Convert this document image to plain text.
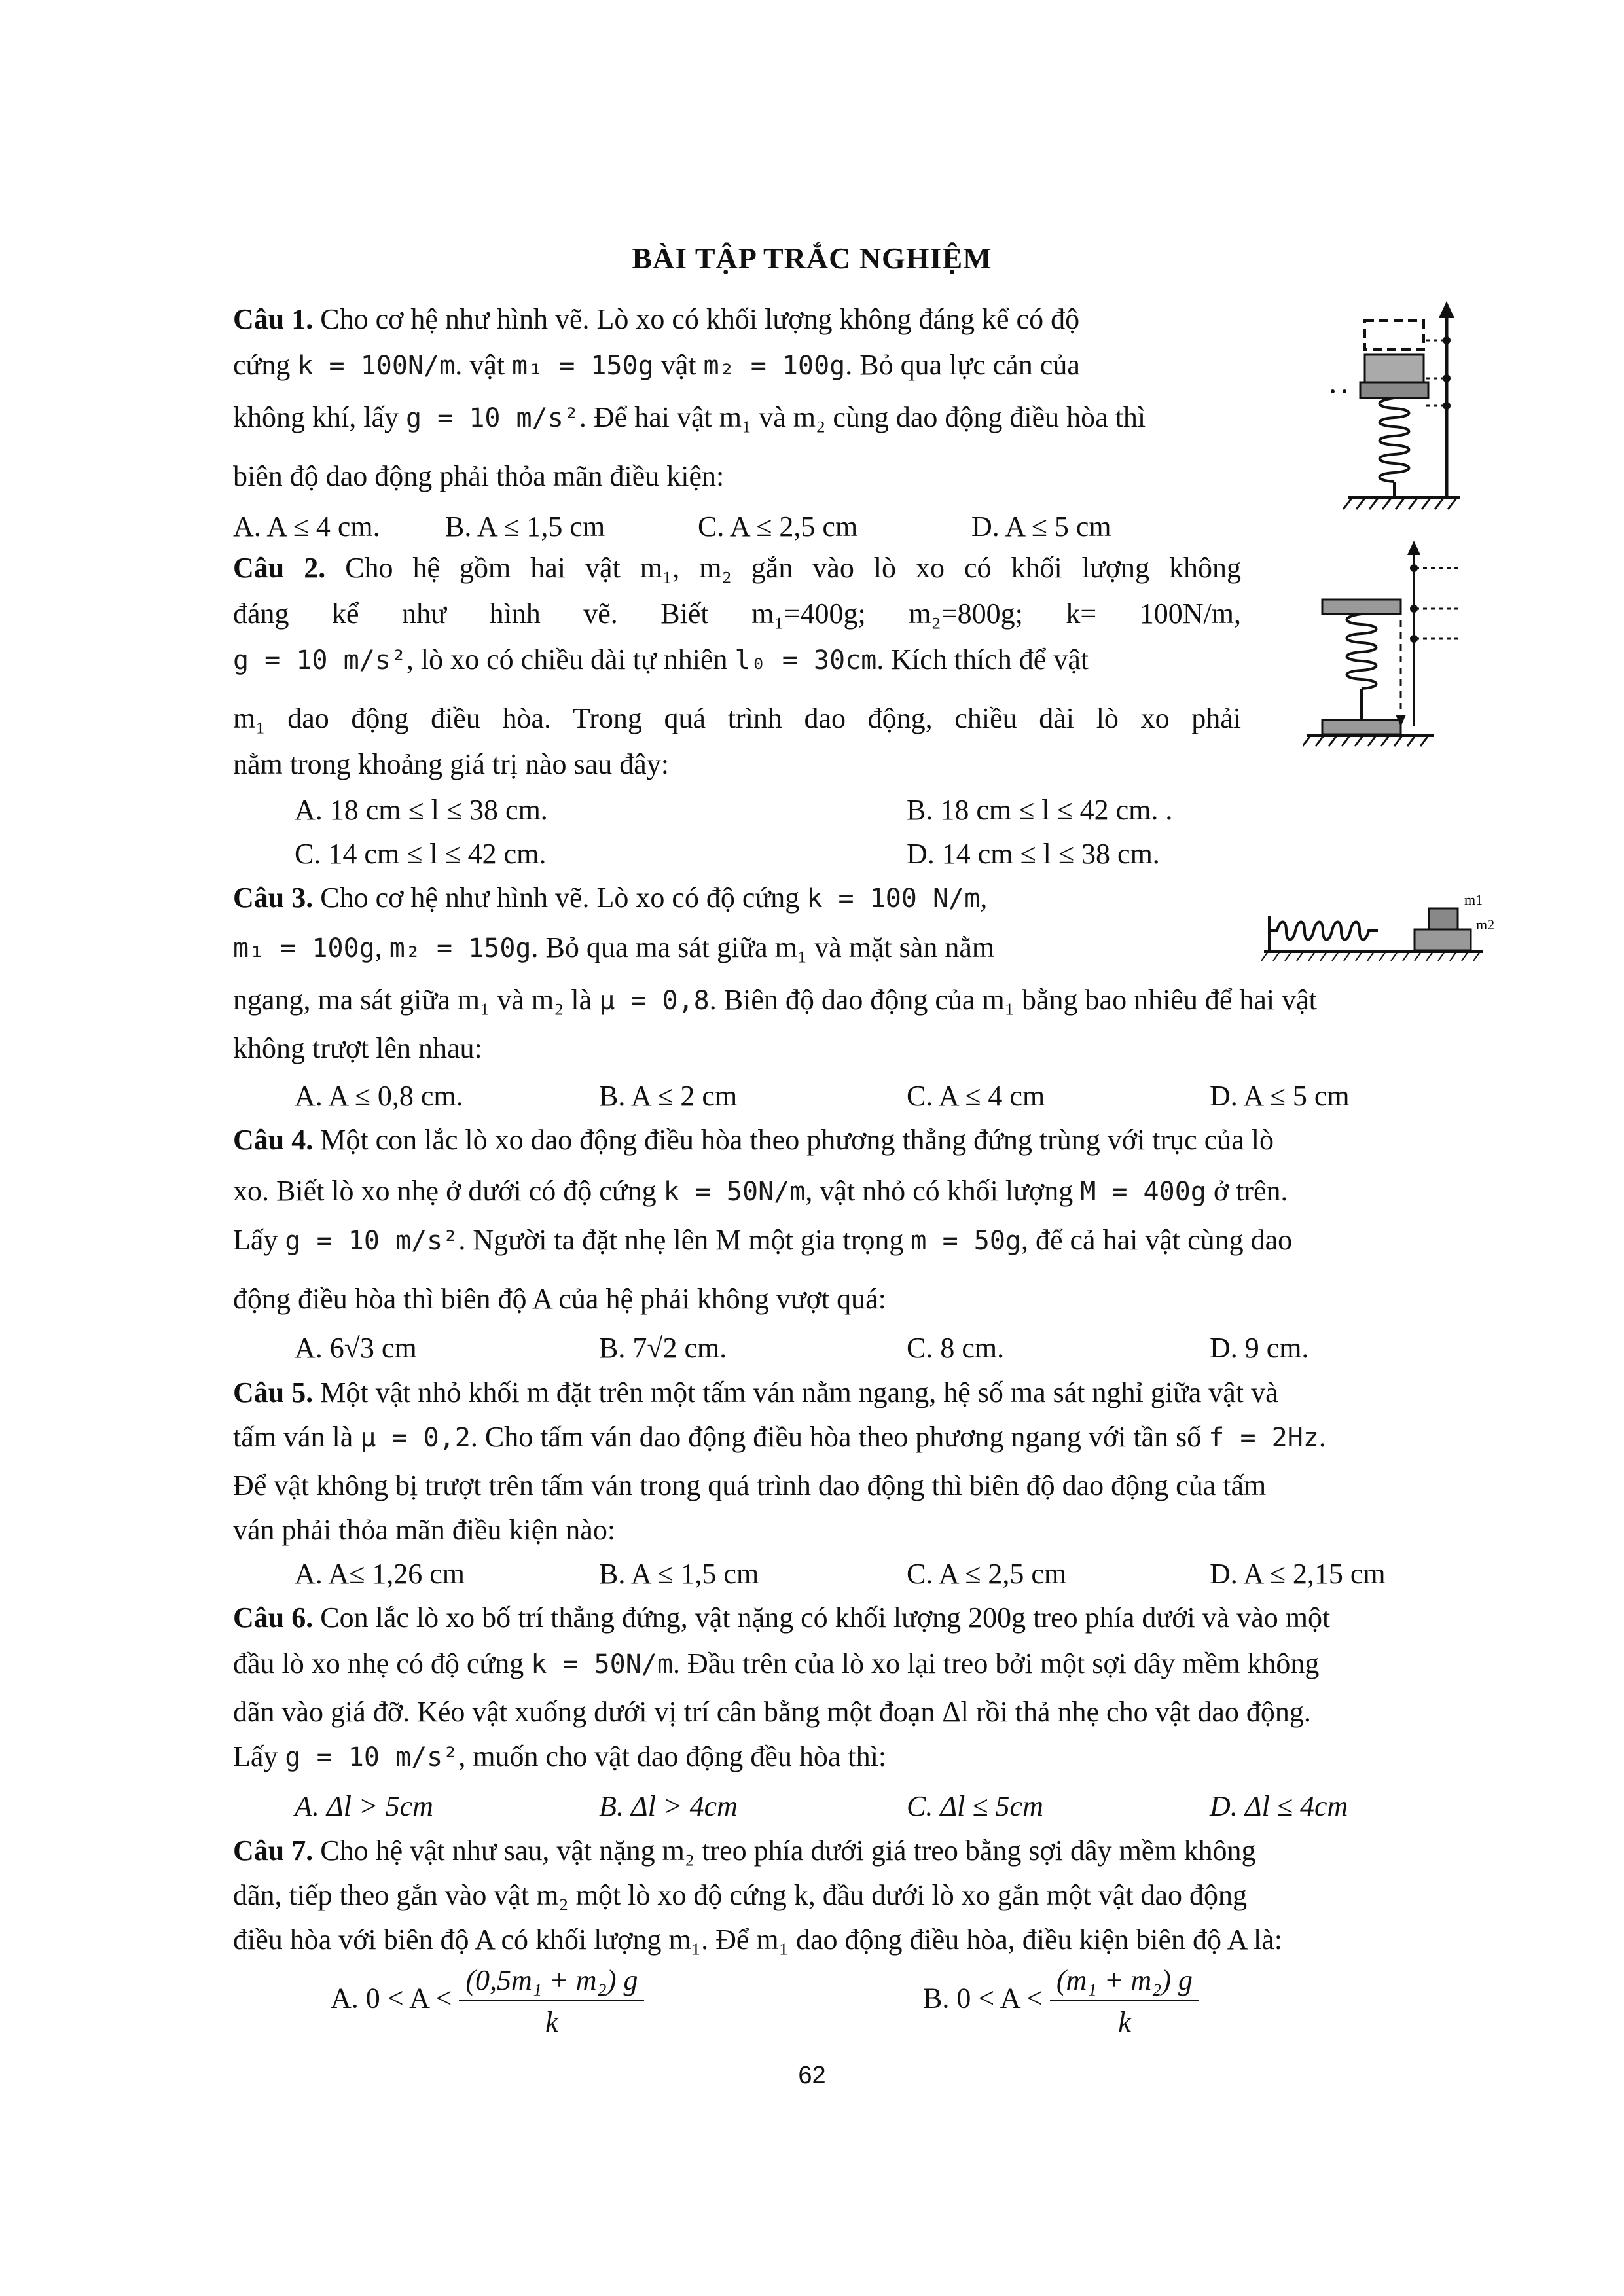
BÀI TẬP TRẮC NGHIỆM
Câu 1. Cho cơ hệ như hình vẽ. Lò xo có khối lượng không đáng kể có độ
cứng k = 100N/m. vật m₁ = 150g vật m₂ = 100g. Bỏ qua lực cản của
không khí, lấy g = 10 m/s². Để hai vật m₁ và m₂ cùng dao động điều hòa thì
biên độ dao động phải thỏa mãn điều kiện:
A. A ≤ 4 cm. B. A ≤ 1,5 cm	C. A ≤ 2,5 cm	D. A ≤ 5 cm
Câu 2. Cho hệ gồm hai vật m₁, m₂ gắn vào lò xo có khối lượng không
đáng kể như hình vẽ. Biết m₁=400g; m₂=800g; k= 100N/m,
g = 10 m/s², lò xo có chiều dài tự nhiên l₀ = 30cm. Kích thích để vật
m₁ dao động điều hòa. Trong quá trình dao động, chiều dài lò xo phải
nằm trong khoảng giá trị nào sau đây:
A. 18 cm ≤ l ≤ 38 cm.	B. 18 cm ≤ l ≤ 42 cm. .
C. 14 cm ≤ l ≤ 42 cm.	D. 14 cm ≤ l ≤ 38 cm.
Câu 3. Cho cơ hệ như hình vẽ. Lò xo có độ cứng k = 100 N/m,
m₁ = 100g, m₂ = 150g. Bỏ qua ma sát giữa m₁ và mặt sàn nằm
ngang, ma sát giữa m₁ và m₂ là μ = 0,8. Biên độ dao động của m₁ bằng bao nhiêu để hai vật
không trượt lên nhau:
A. A ≤ 0,8 cm.	B. A ≤ 2 cm	C. A ≤ 4 cm	D. A ≤ 5 cm
m1
m2
Câu 4. Một con lắc lò xo dao động điều hòa theo phương thẳng đứng trùng với trục của lò
xo. Biết lò xo nhẹ ở dưới có độ cứng k = 50N/m, vật nhỏ có khối lượng M = 400g ở trên.
Lấy g = 10 m/s². Người ta đặt nhẹ lên M một gia trọng m = 50g, để cả hai vật cùng dao
động điều hòa thì biên độ A của hệ phải không vượt quá:
A. 6√3 cm	B. 7√2 cm.	C. 8 cm.	D. 9 cm.
Câu 5. Một vật nhỏ khối m đặt trên một tấm ván nằm ngang, hệ số ma sát nghỉ giữa vật và
tấm ván là μ = 0,2. Cho tấm ván dao động điều hòa theo phương ngang với tần số f = 2Hz.
Để vật không bị trượt trên tấm ván trong quá trình dao động thì biên độ dao động của tấm
ván phải thỏa mãn điều kiện nào:
A. A≤ 1,26 cm	B. A ≤ 1,5 cm	C. A ≤ 2,5 cm	D. A ≤ 2,15 cm
Câu 6. Con lắc lò xo bố trí thẳng đứng, vật nặng có khối lượng 200g treo phía dưới và vào một
đầu lò xo nhẹ có độ cứng k = 50N/m. Đầu trên của lò xo lại treo bởi một sợi dây mềm không
dãn vào giá đỡ. Kéo vật xuống dưới vị trí cân bằng một đoạn Δl rồi thả nhẹ cho vật dao động.
Lấy g = 10 m/s², muốn cho vật dao động đều hòa thì:
A. Δl > 5cm	B. Δl > 4cm	C. Δl ≤ 5cm	D. Δl ≤ 4cm
Câu 7. Cho hệ vật như sau, vật nặng m₂ treo phía dưới giá treo bằng sợi dây mềm không
dãn, tiếp theo gắn vào vật m₂ một lò xo độ cứng k, đầu dưới lò xo gắn một vật dao động
điều hòa với biên độ A có khối lượng m₁. Để m₁ dao động điều hòa, điều kiện biên độ A là:
A. $0 < A < \frac{\text{(0,5m₁ + m₂) g}}{k}$	B. $0 < A < \frac{\text{(m₁ + m₂) g}}{k}$
62
